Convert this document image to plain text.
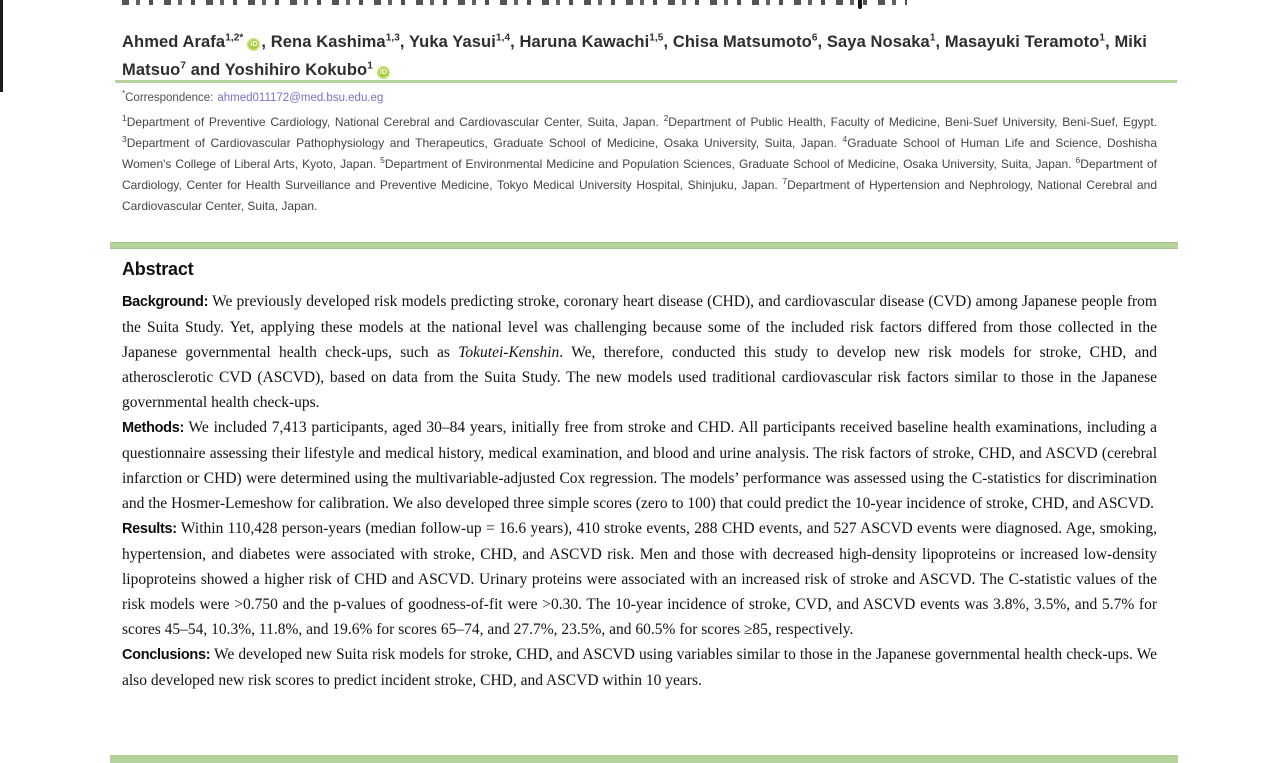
Ahmed Arafa$^{1,2*}$iD , Rena Kashima$^{1,3}$, Yuka Yasui$^{1,4}$, Haruna Kawachi$^{1,5}$, Chisa Matsumoto$^6$, Saya Nosaka$^1$, Masayuki Teramoto$^1$, Miki Matsuo$^7$ and Yoshihiro Kokubo$^1$iD

*Correspondence: ahmed011172@med.bsu.edu.eg

$^1$Department of Preventive Cardiology, National Cerebral and Cardiovascular Center, Suita, Japan. $^2$Department of Public Health, Faculty of Medicine, Beni-Suef University, Beni-Suef, Egypt. $^3$Department of Cardiovascular Pathophysiology and Therapeutics, Graduate School of Medicine, Osaka University, Suita, Japan. $^4$Graduate School of Human Life and Science, Doshisha Women's College of Liberal Arts, Kyoto, Japan. $^5$Department of Environmental Medicine and Population Sciences, Graduate School of Medicine, Osaka University, Suita, Japan. $^6$Department of Cardiology, Center for Health Surveillance and Preventive Medicine, Tokyo Medical University Hospital, Shinjuku, Japan. $^7$Department of Hypertension and Nephrology, National Cerebral and Cardiovascular Center, Suita, Japan.

Abstract

Background: We previously developed risk models predicting stroke, coronary heart disease (CHD), and cardiovascular disease (CVD) among Japanese people from the Suita Study. Yet, applying these models at the national level was challenging because some of the included risk factors differed from those collected in the Japanese governmental health check-ups, such as Tokutei-Kenshin. We, therefore, conducted this study to develop new risk models for stroke, CHD, and atherosclerotic CVD (ASCVD), based on data from the Suita Study. The new models used traditional cardiovascular risk factors similar to those in the Japanese governmental health check-ups.

Methods: We included 7,413 participants, aged 30–84 years, initially free from stroke and CHD. All participants received baseline health examinations, including a questionnaire assessing their lifestyle and medical history, medical examination, and blood and urine analysis. The risk factors of stroke, CHD, and ASCVD (cerebral infarction or CHD) were determined using the multivariable-adjusted Cox regression. The models’ performance was assessed using the C-statistics for discrimination and the Hosmer-Lemeshow for calibration. We also developed three simple scores (zero to 100) that could predict the 10-year incidence of stroke, CHD, and ASCVD.

Results: Within 110,428 person-years (median follow-up = 16.6 years), 410 stroke events, 288 CHD events, and 527 ASCVD events were diagnosed. Age, smoking, hypertension, and diabetes were associated with stroke, CHD, and ASCVD risk. Men and those with decreased high-density lipoproteins or increased low-density lipoproteins showed a higher risk of CHD and ASCVD. Urinary proteins were associated with an increased risk of stroke and ASCVD. The C-statistic values of the risk models were >0.750 and the p-values of goodness-of-fit were >0.30. The 10-year incidence of stroke, CVD, and ASCVD events was 3.8%, 3.5%, and 5.7% for scores 45–54, 10.3%, 11.8%, and 19.6% for scores 65–74, and 27.7%, 23.5%, and 60.5% for scores ≥85, respectively.

Conclusions: We developed new Suita risk models for stroke, CHD, and ASCVD using variables similar to those in the Japanese governmental health check-ups. We also developed new risk scores to predict incident stroke, CHD, and ASCVD within 10 years.
